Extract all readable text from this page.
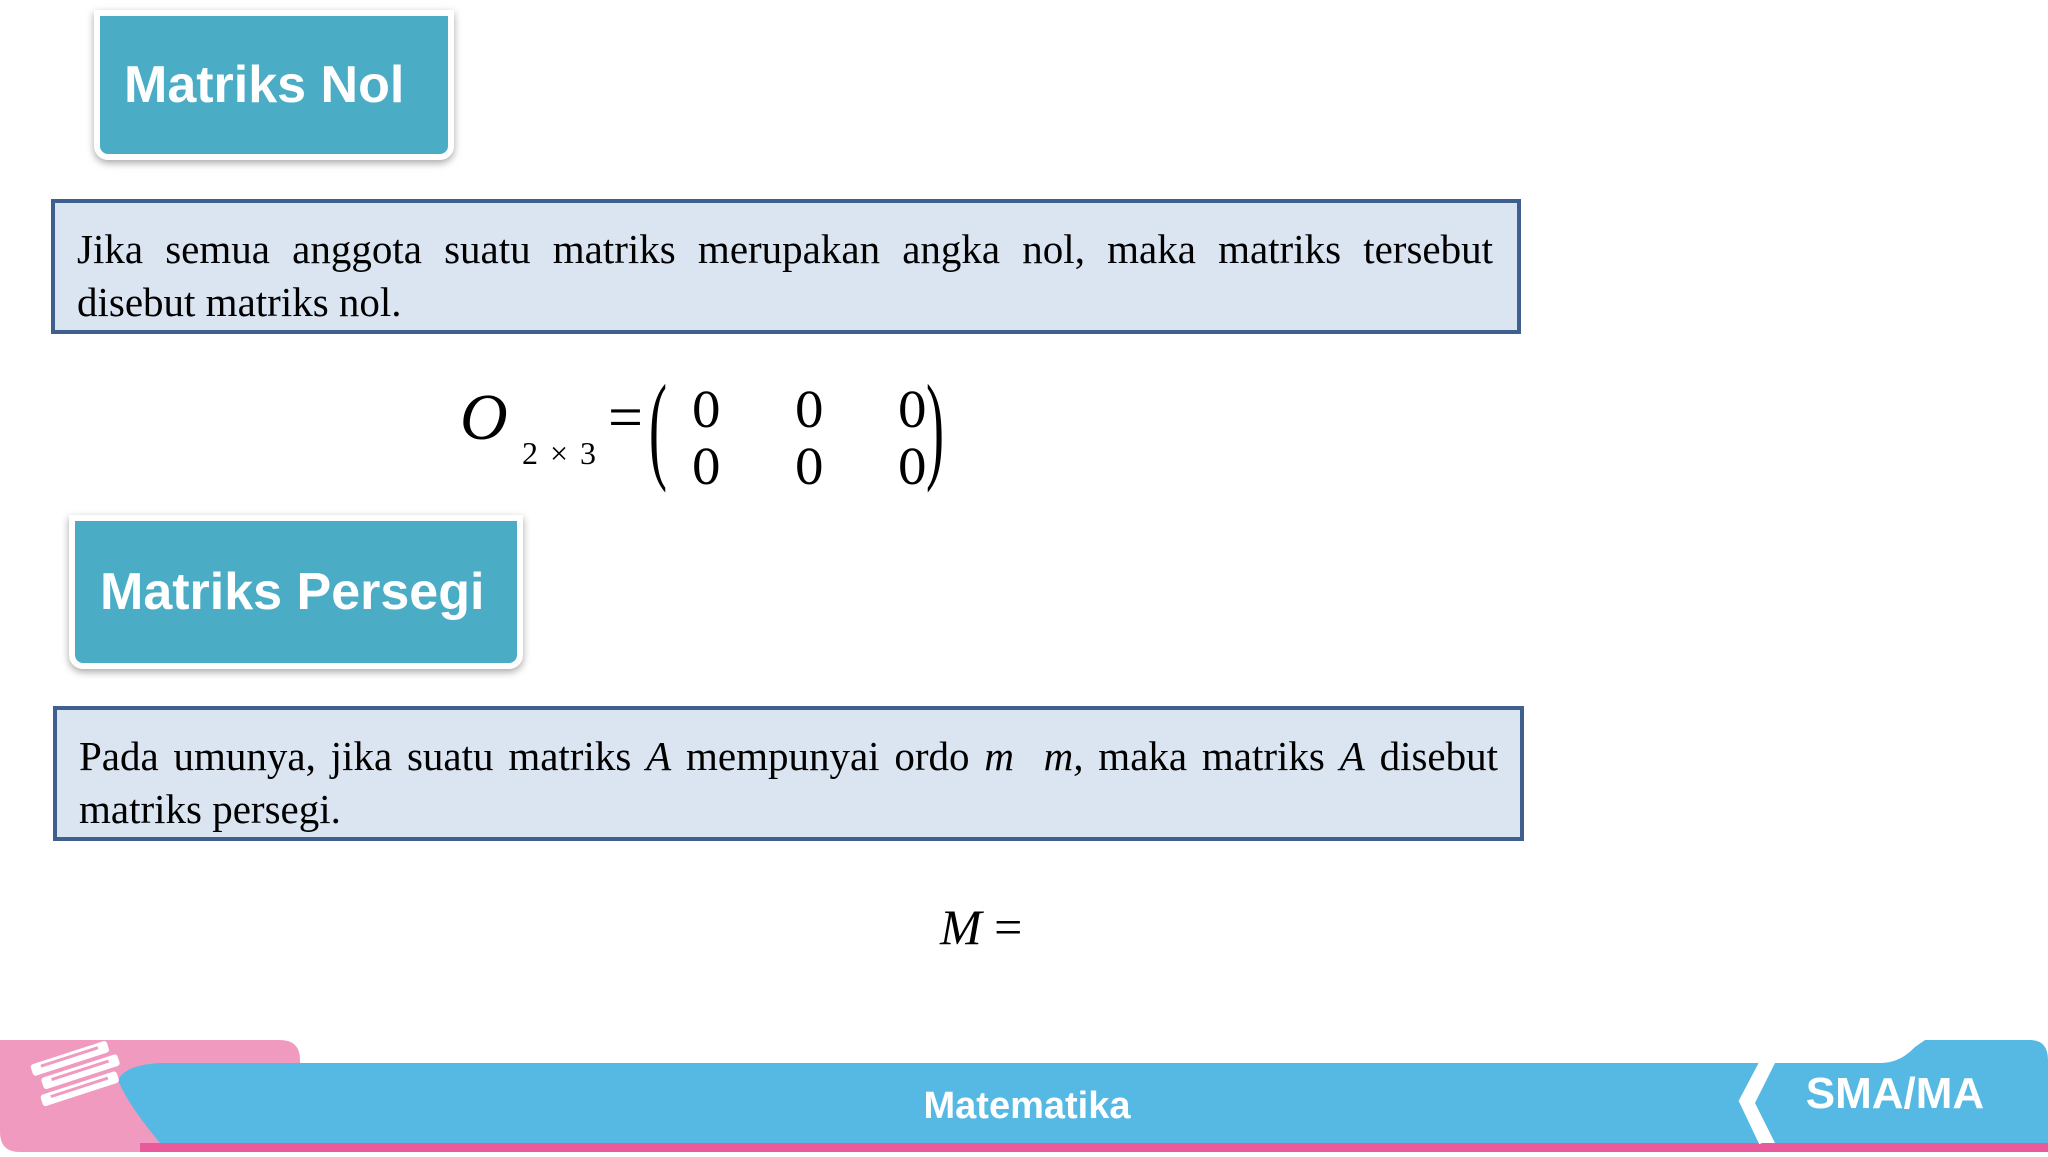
Matriks Nol
Jika semua anggota suatu matriks merupakan angka nol, maka matriks tersebut disebut matriks nol.
O 2 × 3
= ( )
0 0 0
0 0 0
Matriks Persegi
Pada umunya, jika suatu matriks A mempunyai ordo m m, maka matriks A disebut matriks persegi.
M =
Matematika	SMA/MA
